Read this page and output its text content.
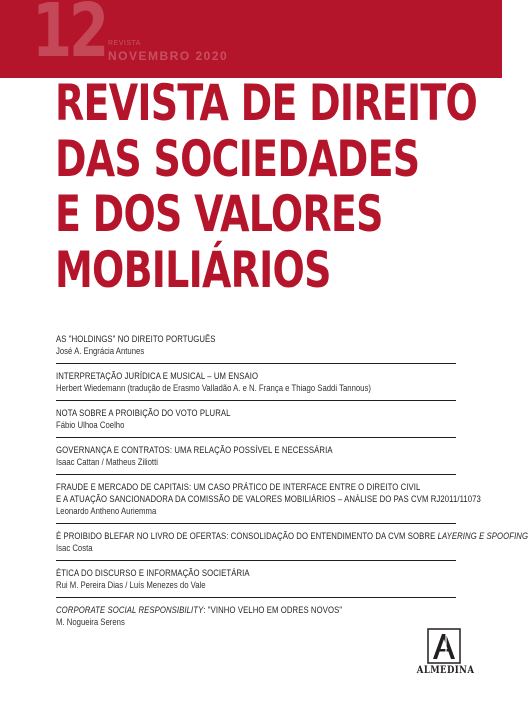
12 REVISTA
NOVEMBRO 2020
REVISTA DE DIREITO
DAS SOCIEDADES
E DOS VALORES
MOBILIÁRIOS
AS "HOLDINGS" NO DIREITO PORTUGUÊS
José A. Engrácia Antunes
INTERPRETAÇÃO JURÍDICA E MUSICAL – UM ENSAIO
Herbert Wiedemann (tradução de Erasmo Valladão A. e N. França e Thiago Saddi Tannous)
NOTA SOBRE A PROIBIÇÃO DO VOTO PLURAL
Fábio Ulhoa Coelho
GOVERNANÇA E CONTRATOS: UMA RELAÇÃO POSSÍVEL E NECESSÁRIA
Isaac Cattan / Matheus Ziliotti
FRAUDE E MERCADO DE CAPITAIS: UM CASO PRÁTICO DE INTERFACE ENTRE O DIREITO CIVIL
E A ATUAÇÃO SANCIONADORA DA COMISSÃO DE VALORES MOBILIÁRIOS – ANÁLISE DO PAS CVM RJ2011/11073
Leonardo Antheno Auriemma
É PROIBIDO BLEFAR NO LIVRO DE OFERTAS: CONSOLIDAÇÃO DO ENTENDIMENTO DA CVM SOBRE LAYERING E SPOOFING
Isac Costa
ÉTICA DO DISCURSO E INFORMAÇÃO SOCIETÁRIA
Rui M. Pereira Dias / Luís Menezes do Vale
CORPORATE SOCIAL RESPONSIBILITY: "VINHO VELHO EM ODRES NOVOS"
M. Nogueira Serens
ALMEDINA
